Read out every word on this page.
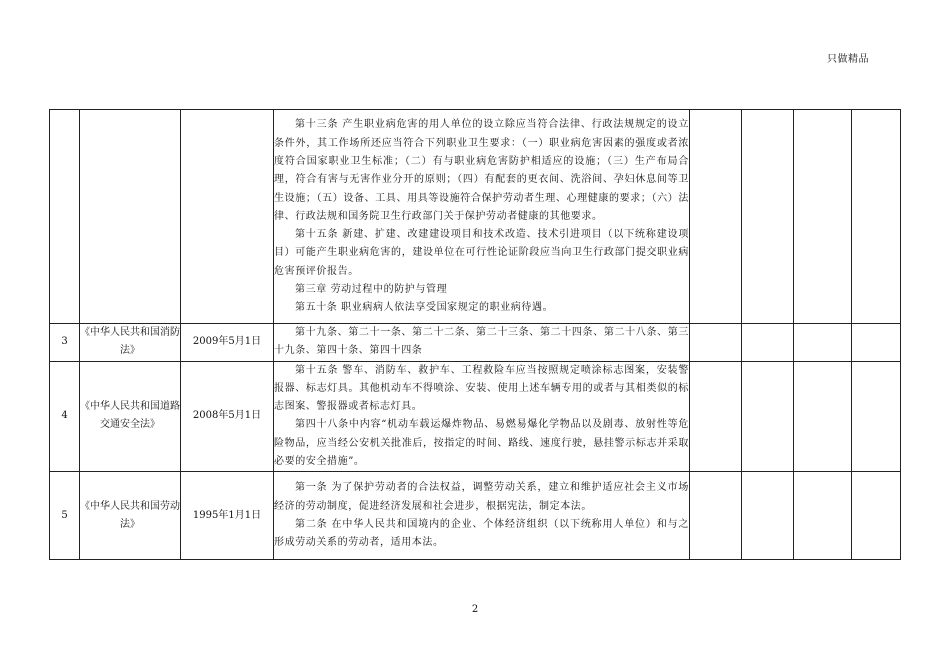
只做精品

			第十三条 产生职业病危害的用人单位的设立除应当符合法律、行政法规规定的设立条件外，其工作场所还应当符合下列职业卫生要求：（一）职业病危害因素的强度或者浓度符合国家职业卫生标准；（二）有与职业病危害防护相适应的设施；（三）生产布局合理，符合有害与无害作业分开的原则；（四）有配套的更衣间、洗浴间、孕妇休息间等卫生设施；（五）设备、工具、用具等设施符合保护劳动者生理、心理健康的要求；（六）法律、行政法规和国务院卫生行政部门关于保护劳动者健康的其他要求。

第十五条 新建、扩建、改建建设项目和技术改造、技术引进项目（以下统称建设项目）可能产生职业病危害的，建设单位在可行性论证阶段应当向卫生行政部门提交职业病危害预评价报告。

第三章 劳动过程中的防护与管理

第五十条 职业病病人依法享受国家规定的职业病待遇。				

3	《中华人民共和国消防法》	2009年5月1日	第十九条、第二十一条、第二十二条、第二十三条、第二十四条、第二十八条、第三十九条、第四十条、第四十四条				

4	《中华人民共和国道路交通安全法》	2008年5月1日	第十五条 警车、消防车、救护车、工程救险车应当按照规定喷涂标志图案，安装警报器、标志灯具。其他机动车不得喷涂、安装、使用上述车辆专用的或者与其相类似的标志图案、警报器或者标志灯具。

第四十八条中内容“机动车载运爆炸物品、易燃易爆化学物品以及剧毒、放射性等危险物品，应当经公安机关批准后，按指定的时间、路线、速度行驶，悬挂警示标志并采取必要的安全措施”。				

5	《中华人民共和国劳动法》	1995年1月1日	第一条 为了保护劳动者的合法权益，调整劳动关系，建立和维护适应社会主义市场经济的劳动制度，促进经济发展和社会进步，根据宪法，制定本法。

第二条 在中华人民共和国境内的企业、个体经济组织（以下统称用人单位）和与之形成劳动关系的劳动者，适用本法。				

2
